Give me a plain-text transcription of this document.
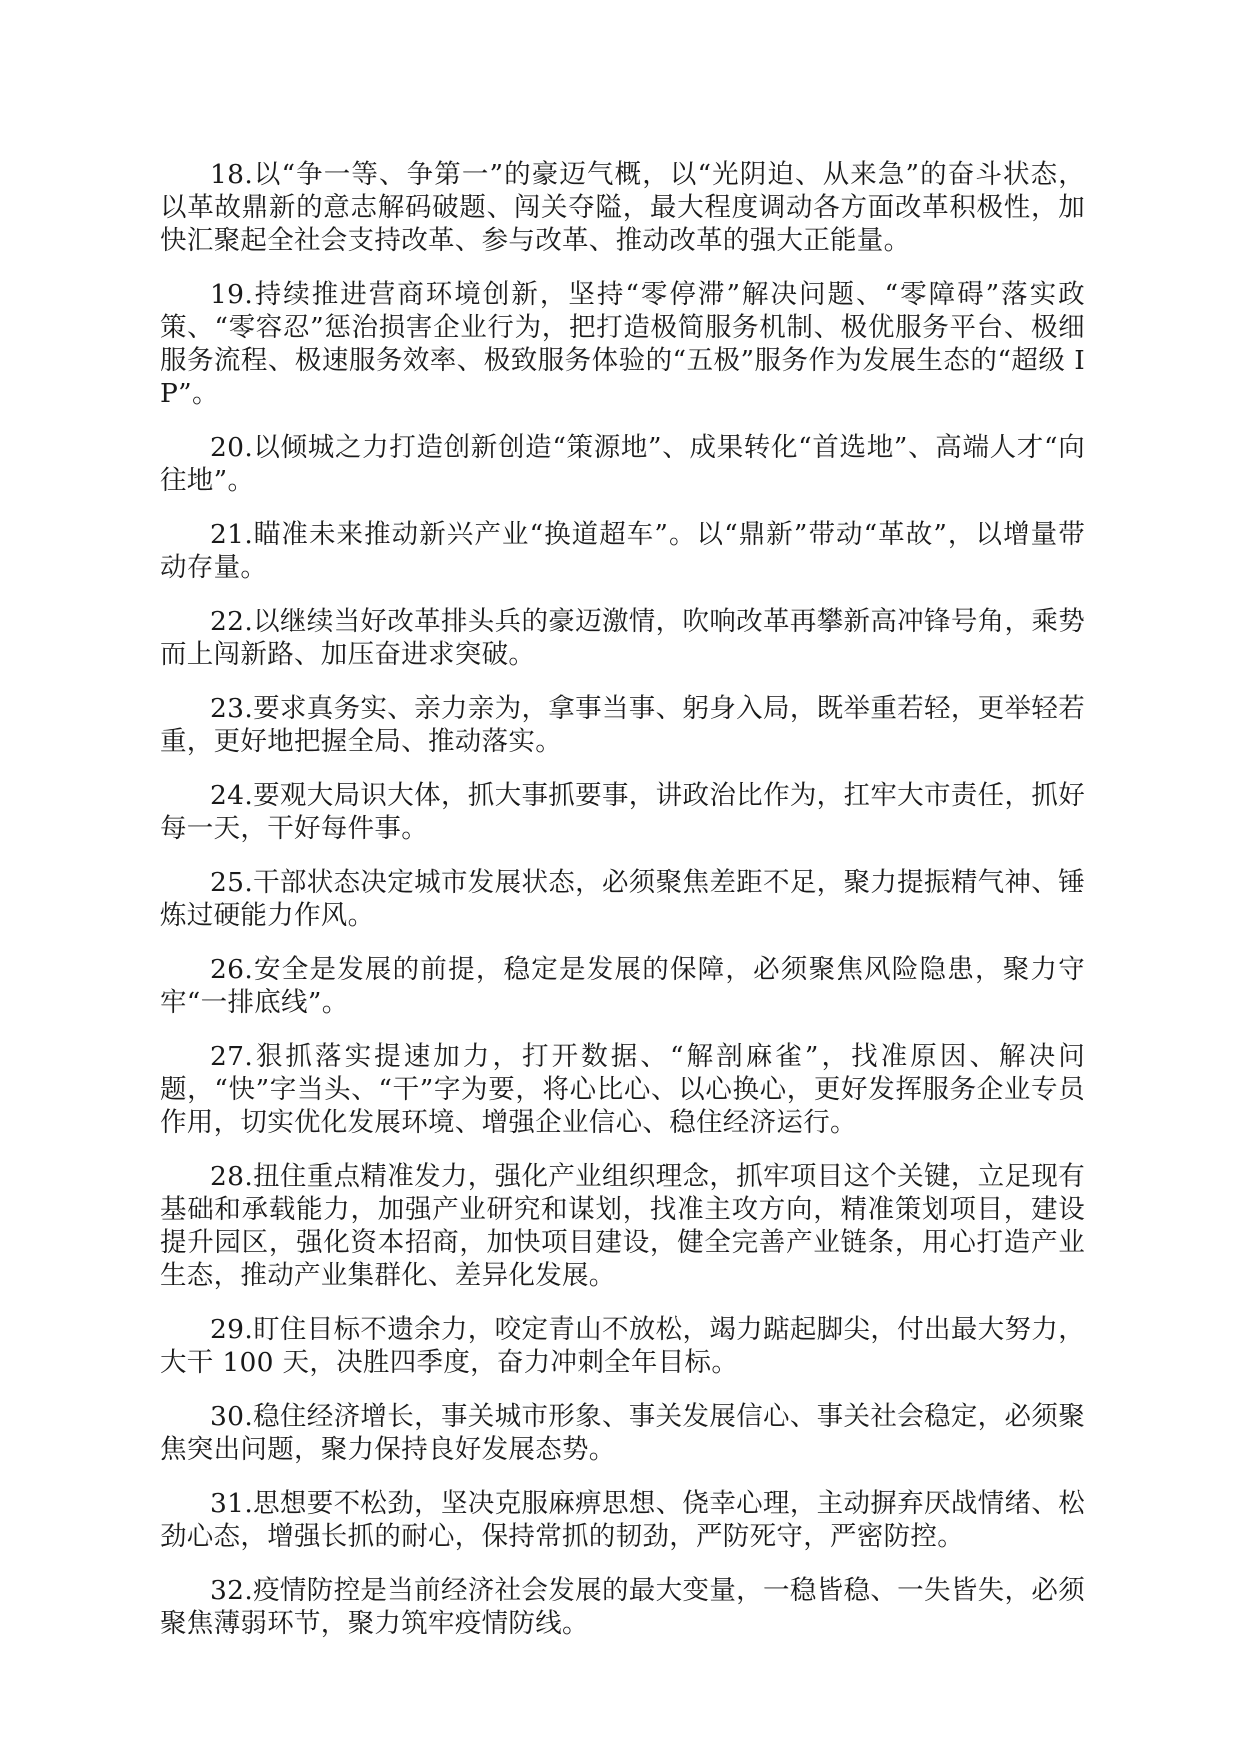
18.以“争一等、争第一”的豪迈气概，以“光阴迫、从来急”的奋斗状态，以革故鼎新的意志解码破题、闯关夺隘，最大程度调动各方面改革积极性，加快汇聚起全社会支持改革、参与改革、推动改革的强大正能量。

19.持续推进营商环境创新，坚持“零停滞”解决问题、“零障碍”落实政策、“零容忍”惩治损害企业行为，把打造极简服务机制、极优服务平台、极细服务流程、极速服务效率、极致服务体验的“五极”服务作为发展生态的“超级 IP”。

20.以倾城之力打造创新创造“策源地”、成果转化“首选地”、高端人才“向往地”。

21.瞄准未来推动新兴产业“换道超车”。以“鼎新”带动“革故”，以增量带动存量。

22.以继续当好改革排头兵的豪迈激情，吹响改革再攀新高冲锋号角，乘势而上闯新路、加压奋进求突破。

23.要求真务实、亲力亲为，拿事当事、躬身入局，既举重若轻，更举轻若重，更好地把握全局、推动落实。

24.要观大局识大体，抓大事抓要事，讲政治比作为，扛牢大市责任，抓好每一天，干好每件事。

25.干部状态决定城市发展状态，必须聚焦差距不足，聚力提振精气神、锤炼过硬能力作风。

26.安全是发展的前提，稳定是发展的保障，必须聚焦风险隐患，聚力守牢“一排底线”。

27.狠抓落实提速加力，打开数据、“解剖麻雀”，找准原因、解决问题，“快”字当头、“干”字为要，将心比心、以心换心，更好发挥服务企业专员作用，切实优化发展环境、增强企业信心、稳住经济运行。

28.扭住重点精准发力，强化产业组织理念，抓牢项目这个关键，立足现有基础和承载能力，加强产业研究和谋划，找准主攻方向，精准策划项目，建设提升园区，强化资本招商，加快项目建设，健全完善产业链条，用心打造产业生态，推动产业集群化、差异化发展。

29.盯住目标不遗余力，咬定青山不放松，竭力踮起脚尖，付出最大努力，大干 100 天，决胜四季度，奋力冲刺全年目标。

30.稳住经济增长，事关城市形象、事关发展信心、事关社会稳定，必须聚焦突出问题，聚力保持良好发展态势。

31.思想要不松劲，坚决克服麻痹思想、侥幸心理，主动摒弃厌战情绪、松劲心态，增强长抓的耐心，保持常抓的韧劲，严防死守，严密防控。

32.疫情防控是当前经济社会发展的最大变量，一稳皆稳、一失皆失，必须聚焦薄弱环节，聚力筑牢疫情防线。
